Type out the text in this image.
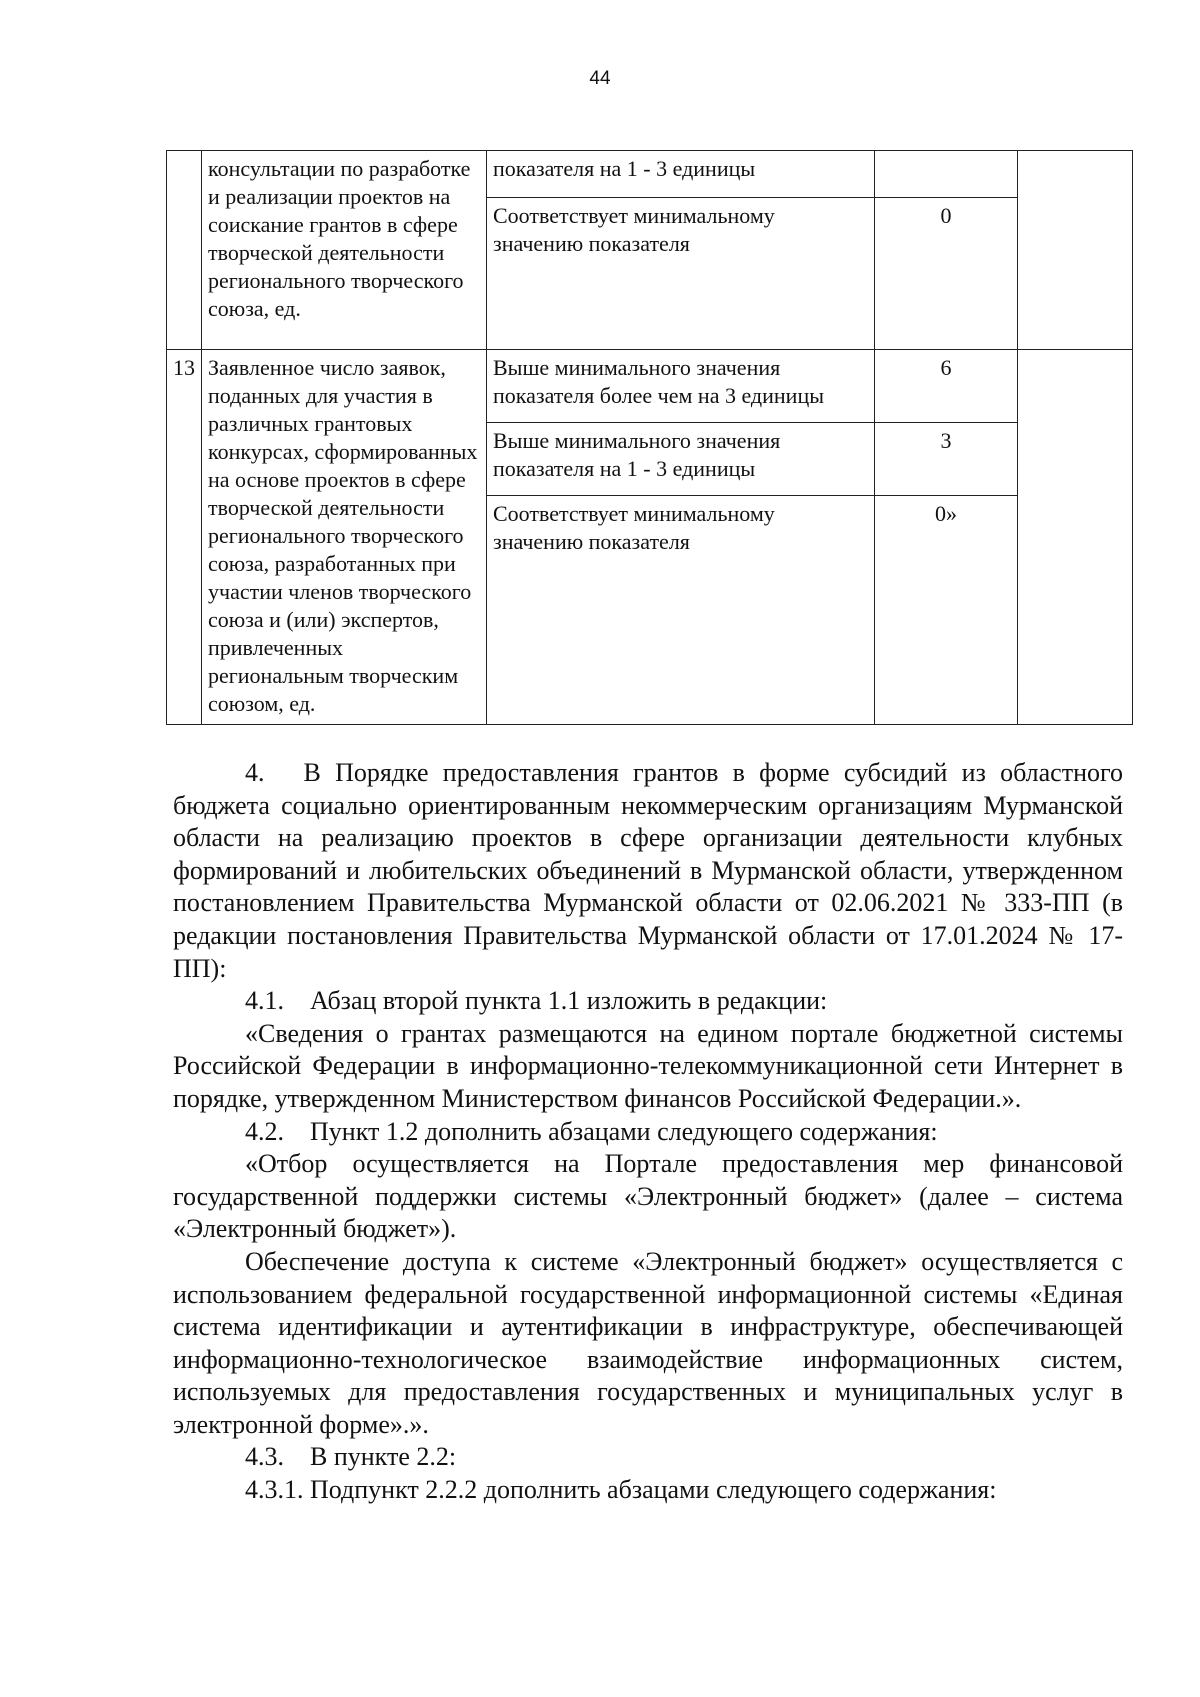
44
	консультации по разработке и реализации проектов на соискание грантов в сфере творческой деятельности регионального творческого союза, ед.	показателя на 1 - 3 единицы		
		Соответствует минимальному значению показателя	0	
13	Заявленное число заявок, поданных для участия в различных грантовых конкурсах, сформированных на основе проектов в сфере творческой деятельности регионального творческого союза, разработанных при участии членов творческого союза и (или) экспертов, привлеченных региональным творческим союзом, ед.	Выше минимального значения показателя более чем на 3 единицы	6	
		Выше минимального значения показателя на 1 - 3 единицы	3	
		Соответствует минимальному значению показателя	0»	

4.  В Порядке предоставления грантов в форме субсидий из областного бюджета социально ориентированным некоммерческим организациям Мурманской области на реализацию проектов в сфере организации деятельности клубных формирований и любительских объединений в Мурманской области, утвержденном постановлением Правительства Мурманской области от 02.06.2021 № 333-ПП (в редакции постановления Правительства Мурманской области от 17.01.2024 № 17-ПП):

4.1.  Абзац второй пункта 1.1 изложить в редакции:

«Сведения о грантах размещаются на едином портале бюджетной системы Российской Федерации в информационно-телекоммуникационной сети Интернет в порядке, утвержденном Министерством финансов Российской Федерации.».

4.2.  Пункт 1.2 дополнить абзацами следующего содержания:

«Отбор осуществляется на Портале предоставления мер финансовой государственной поддержки системы «Электронный бюджет» (далее – система «Электронный бюджет»).

Обеспечение доступа к системе «Электронный бюджет» осуществляется с использованием федеральной государственной информационной системы «Единая система идентификации и аутентификации в инфраструктуре, обеспечивающей информационно-технологическое взаимодействие информационных систем, используемых для предоставления государственных и муниципальных услуг в электронной форме».».

4.3.  В пункте 2.2:

4.3.1. Подпункт 2.2.2 дополнить абзацами следующего содержания:
